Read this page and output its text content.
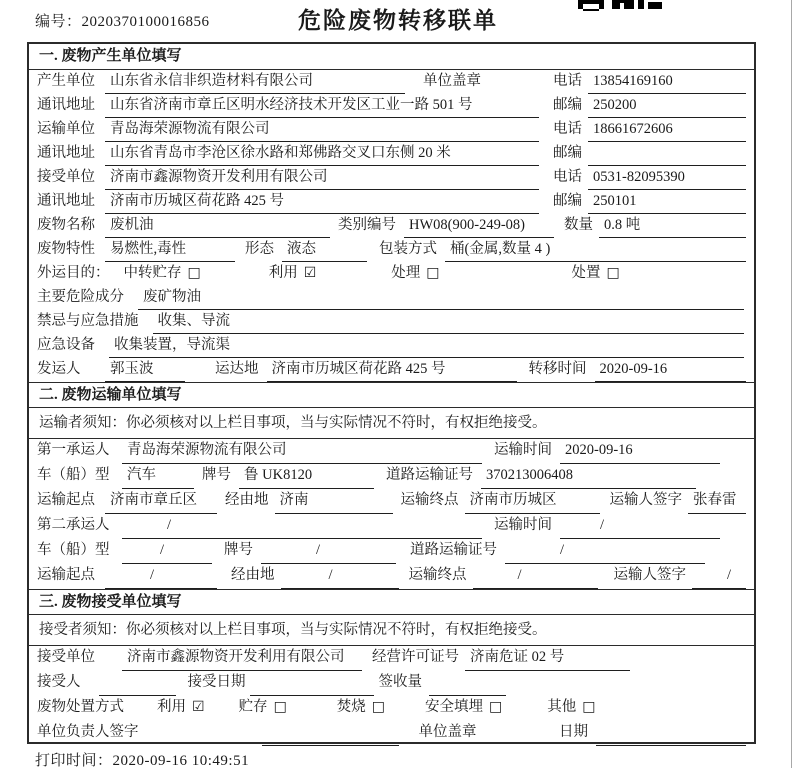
编号：2020370100016856	危险废物转移联单
一. 废物产生单位填写
产生单位	山东省永信非织造材料有限公司	单位盖章	电话 13854169160
通讯地址	山东省济南市章丘区明水经济技术开发区工业一路 501 号	邮编 250200
运输单位	青岛海荣源物流有限公司	电话 18661672606
通讯地址	山东省青岛市李沧区徐水路和郑佛路交叉口东侧 20 米	邮编
接受单位	济南市鑫源物资开发利用有限公司	电话 0531-82095390
通讯地址	济南市历城区荷花路 425 号	邮编 250101
废物名称	废机油	类别编号 HW08(900-249-08)	数量 0.8 吨
废物特性	易燃性,毒性	形态 液态	包装方式 桶(金属,数量 4 )
外运目的： 中转贮存 □	利用 ☑	处理 □	处置 □
主要危险成分	废矿物油
禁忌与应急措施	收集、导流
应急设备	收集装置，导流渠
发运人	郭玉波	运达地 济南市历城区荷花路 425 号	转移时间 2020-09-16
二. 废物运输单位填写
运输者须知：你必须核对以上栏目事项，当与实际情况不符时，有权拒绝接受。
第一承运人	青岛海荣源物流有限公司	运输时间 2020-09-16
车（船）型	汽车	牌号 鲁 UK8120	道路运输证号 370213006408
运输起点	济南市章丘区	经由地 济南	运输终点 济南市历城区	运输人签字 张春雷
第二承运人	/	运输时间	/
车（船）型	/	牌号	/	道路运输证号	/
运输起点	/	经由地	/	运输终点	/	运输人签字	/
三. 废物接受单位填写
接受者须知：你必须核对以上栏目事项，当与实际情况不符时，有权拒绝接受。
接受单位	济南市鑫源物资开发利用有限公司	经营许可证号 济南危证 02 号
接受人	接受日期	签收量
废物处置方式 利用 ☑ 贮存 □	焚烧 □	安全填埋 □	其他 □
单位负责人签字	单位盖章	日期
打印时间：2020-09-16 10:49:51
